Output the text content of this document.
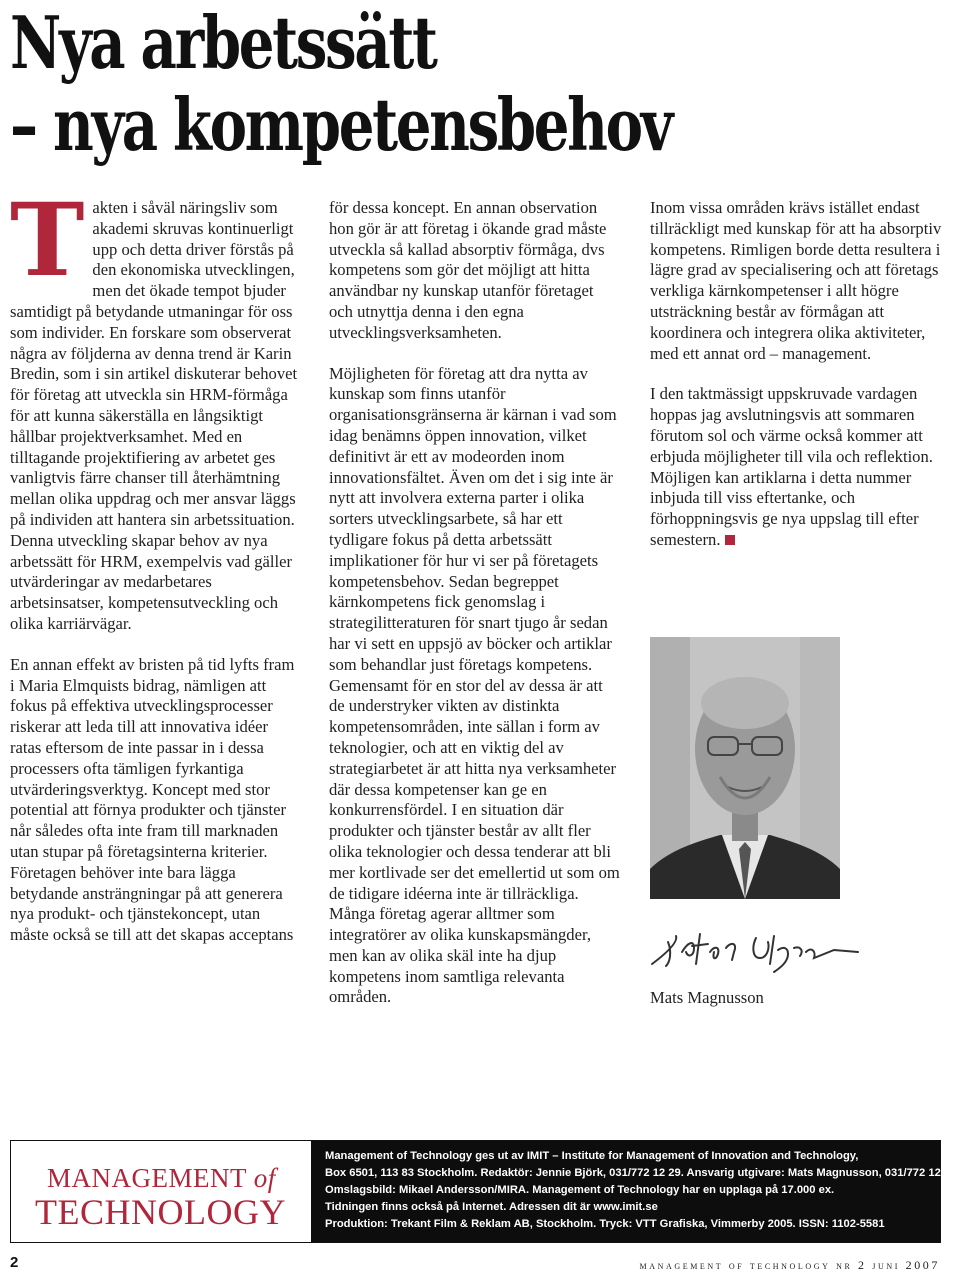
Nya arbetssätt
– nya kompetensbehov

Takten i såväl näringsliv som akademi skruvas kontinuerligt upp och detta driver förstås på den ekonomiska utvecklingen, men det ökade tempot bjuder samtidigt på betydande utmaningar för oss som individer. En forskare som observerat några av följderna av denna trend är Karin Bredin, som i sin artikel diskuterar behovet för företag att utveckla sin HRM-förmåga för att kunna säkerställa en långsiktigt hållbar projektverksamhet. Med en tilltagande projektifiering av arbetet ges vanligtvis färre chanser till återhämtning mellan olika uppdrag och mer ansvar läggs på individen att hantera sin arbetssituation. Denna utveckling skapar behov av nya arbetssätt för HRM, exempelvis vad gäller utvärderingar av medarbetares arbetsinsatser, kompetensutveckling och olika karriärvägar.

En annan effekt av bristen på tid lyfts fram i Maria Elmquists bidrag, nämligen att fokus på effektiva utvecklingsprocesser riskerar att leda till att innovativa idéer ratas eftersom de inte passar in i dessa processers ofta tämligen fyrkantiga utvärderingsverktyg. Koncept med stor potential att förnya produkter och tjänster når således ofta inte fram till marknaden utan stupar på företagsinterna kriterier. Företagen behöver inte bara lägga betydande ansträngningar på att generera nya produkt- och tjänstekoncept, utan måste också se till att det skapas acceptans

för dessa koncept. En annan observation hon gör är att företag i ökande grad måste utveckla så kallad absorptiv förmåga, dvs kompetens som gör det möjligt att hitta användbar ny kunskap utanför företaget och utnyttja denna i den egna utvecklingsverksamheten.

Möjligheten för företag att dra nytta av kunskap som finns utanför organisationsgränserna är kärnan i vad som idag benämns öppen innovation, vilket definitivt är ett av modeorden inom innovationsfältet. Även om det i sig inte är nytt att involvera externa parter i olika sorters utvecklingsarbete, så har ett tydligare fokus på detta arbetssätt implikationer för hur vi ser på företagets kompetensbehov. Sedan begreppet kärnkompetens fick genomslag i strategilitteraturen för snart tjugo år sedan har vi sett en uppsjö av böcker och artiklar som behandlar just företags kompetens. Gemensamt för en stor del av dessa är att de understryker vikten av distinkta kompetensområden, inte sällan i form av teknologier, och att en viktig del av strategiarbetet är att hitta nya verksamheter där dessa kompetenser kan ge en konkurrensfördel. I en situation där produkter och tjänster består av allt fler olika teknologier och dessa tenderar att bli mer kortlivade ser det emellertid ut som om de tidigare idéerna inte är tillräckliga. Många företag agerar alltmer som integratörer av olika kunskapsmängder, men kan av olika skäl inte ha djup kompetens inom samtliga relevanta områden.

Inom vissa områden krävs istället endast tillräckligt med kunskap för att ha absorptiv kompetens. Rimligen borde detta resultera i lägre grad av specialisering och att företags verkliga kärnkompetenser i allt högre utsträckning består av förmågan att koordinera och integrera olika aktiviteter, med ett annat ord – management.

I den taktmässigt uppskruvade vardagen hoppas jag avslutningsvis att sommaren förutom sol och värme också kommer att erbjuda möjligheter till vila och reflektion. Möjligen kan artiklarna i detta nummer inbjuda till viss eftertanke, och förhoppningsvis ge nya uppslag till efter semestern.

Mats Magnusson
MANAGEMENT of
TECHNOLOGY
Management of Technology ges ut av IMIT – Institute for Management of Innovation and Technology,
Box 6501, 113 83 Stockholm. Redaktör: Jennie Björk, 031/772 12 29. Ansvarig utgivare: Mats Magnusson, 031/772 12 20.
Omslagsbild: Mikael Andersson/MIRA. Management of Technology har en upplaga på 17.000 ex.
Tidningen finns också på Internet. Adressen dit är www.imit.se
Produktion: Trekant Film & Reklam AB, Stockholm. Tryck: VTT Grafiska, Vimmerby 2005. ISSN: 1102-5581
2	management of technology nr 2 juni 2007
